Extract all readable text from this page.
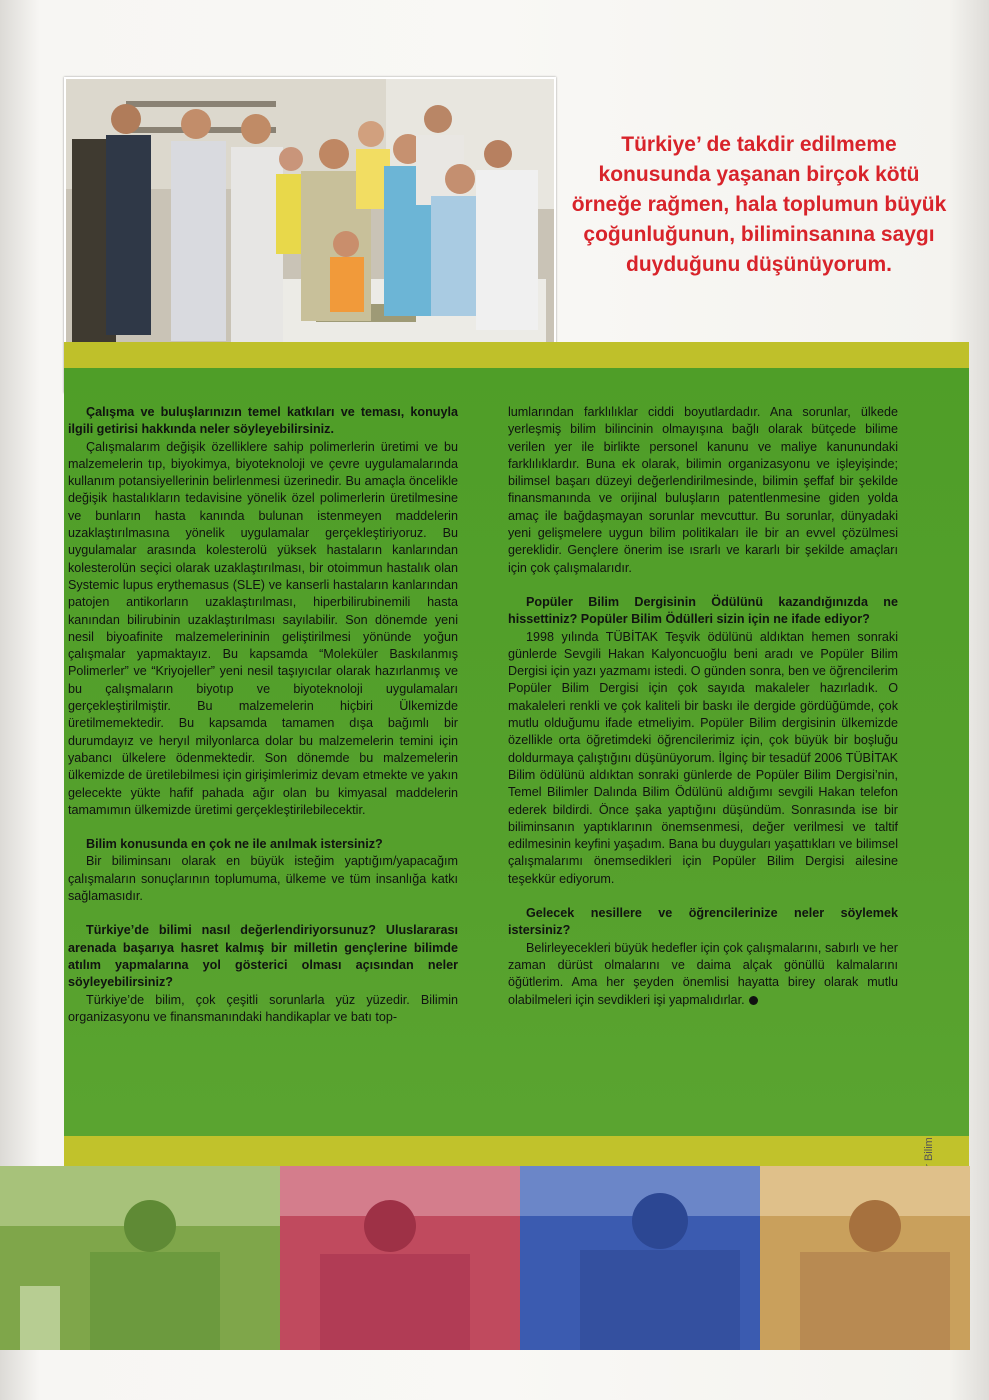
Türkiye’ de takdir edilmeme konusunda yaşanan birçok kötü örneğe rağmen, hala toplumun büyük çoğunluğunun, biliminsanına saygı duyduğunu düşünüyorum.

Çalışma ve buluşlarınızın temel katkıları ve teması, konuyla ilgili getirisi hakkında neler söyleyebilirsiniz.

Çalışmalarım değişik özelliklere sahip polimerlerin üretimi ve bu malzemelerin tıp, biyokimya, biyoteknoloji ve çevre uygulamalarında kullanım potansiyellerinin belirlenmesi üzerinedir. Bu amaçla öncelikle değişik hastalıkların tedavisine yönelik özel polimerlerin üretilmesine ve bunların hasta kanında bulunan istenmeyen maddelerin uzaklaştırılmasına yönelik uygulamalar gerçekleştiriyoruz. Bu uygulamalar arasında kolesterolü yüksek hastaların kanlarından kolesterolün seçici olarak uzaklaştırılması, bir otoimmun hastalık olan Systemic lupus erythemasus (SLE) ve kanserli hastaların kanlarından patojen antikorların uzaklaştırılması, hiperbilirubinemili hasta kanından bilirubinin uzaklaştırılması sayılabilir. Son dönemde yeni nesil biyoafinite malzemelerininin geliştirilmesi yönünde yoğun çalışmalar yapmaktayız. Bu kapsamda “Moleküler Baskılanmış Polimerler” ve “Kriyojeller” yeni nesil taşıyıcılar olarak hazırlanmış ve bu çalışmaların biyotıp ve biyoteknoloji uygulamaları gerçekleştirilmiştir. Bu malzemelerin hiçbiri Ülkemizde üretilmemektedir. Bu kapsamda tamamen dışa bağımlı bir durumdayız ve heryıl milyonlarca dolar bu malzemelerin temini için yabancı ülkelere ödenmektedir. Son dönemde bu malzemelerin ülkemizde de üretilebilmesi için girişimlerimiz devam etmekte ve yakın gelecekte yükte hafif pahada ağır olan bu kimyasal maddelerin tamamımın ülkemizde üretimi gerçekleştirilebilecektir.

Bilim konusunda en çok ne ile anılmak istersiniz?

Bir biliminsanı olarak en büyük isteğim yaptığım/yapacağım çalışmaların sonuçlarının toplumuma, ülkeme ve tüm insanlığa katkı sağlamasıdır.

Türkiye’de bilimi nasıl değerlendiriyorsunuz? Uluslararası arenada başarıya hasret kalmış bir milletin gençlerine bilimde atılım yapmalarına yol gösterici olması açısından neler söyleyebilirsiniz?

Türkiye’de bilim, çok çeşitli sorunlarla yüz yüzedir. Bilimin organizasyonu ve finansmanındaki handikaplar ve batı top-

lumlarından farklılıklar ciddi boyutlardadır. Ana sorunlar, ülkede yerleşmiş bilim bilincinin olmayışına bağlı olarak bütçede bilime verilen yer ile birlikte personel kanunu ve maliye kanunundaki farklılıklardır. Buna ek olarak, bilimin organizasyonu ve işleyişinde; bilimsel başarı düzeyi değerlendirilmesinde, bilimin şeffaf bir şekilde finansmanında ve orijinal buluşların patentlenmesine giden yolda amaç ile bağdaşmayan sorunlar mevcuttur. Bu sorunlar, dünyadaki yeni gelişmelere uygun bilim politikaları ile bir an evvel çözülmesi gereklidir. Gençlere önerim ise ısrarlı ve kararlı bir şekilde amaçları için çok çalışmalarıdır.

Popüler Bilim Dergisinin Ödülünü kazandığınızda ne hissettiniz? Popüler Bilim Ödülleri sizin için ne ifade ediyor?

1998 yılında TÜBİTAK Teşvik ödülünü aldıktan hemen sonraki günlerde Sevgili Hakan Kalyoncuoğlu beni aradı ve Popüler Bilim Dergisi için yazı yazmamı istedi. O günden sonra, ben ve öğrencilerim Popüler Bilim Dergisi için çok sayıda makaleler hazırladık. O makaleleri renkli ve çok kaliteli bir baskı ile dergide gördüğümde, çok mutlu olduğumu ifade etmeliyim. Popüler Bilim dergisinin ülkemizde özellikle orta öğretimdeki öğrencilerimiz için, çok büyük bir boşluğu doldurmaya çalıştığını düşünüyorum. İlginç bir tesadüf 2006 TÜBİTAK Bilim ödülünü aldıktan sonraki günlerde de Popüler Bilim Dergisi’nin, Temel Bilimler Dalında Bilim Ödülünü aldığımı sevgili Hakan telefon ederek bildirdi. Önce şaka yaptığını düşündüm. Sonrasında ise bir biliminsanın yaptıklarının önemsenmesi, değer verilmesi ve taltif edilmesinin keyfini yaşadım. Bana bu duyguları yaşattıkları ve bilimsel çalışmalarımı önemsedikleri için Popüler Bilim Dergisi ailesine teşekkür ediyorum.

Gelecek nesillere ve öğrencilerinize neler söylemek istersiniz?

Belirleyecekleri büyük hedefler için çok çalışmalarını, sabırlı ve her zaman dürüst olmalarını ve daima alçak gönüllü kalmalarını öğütlerim. Ama her şeyden önemlisi hayatta birey olarak mutlu olabilmeleri için sevdikleri işi yapmalıdırlar.
